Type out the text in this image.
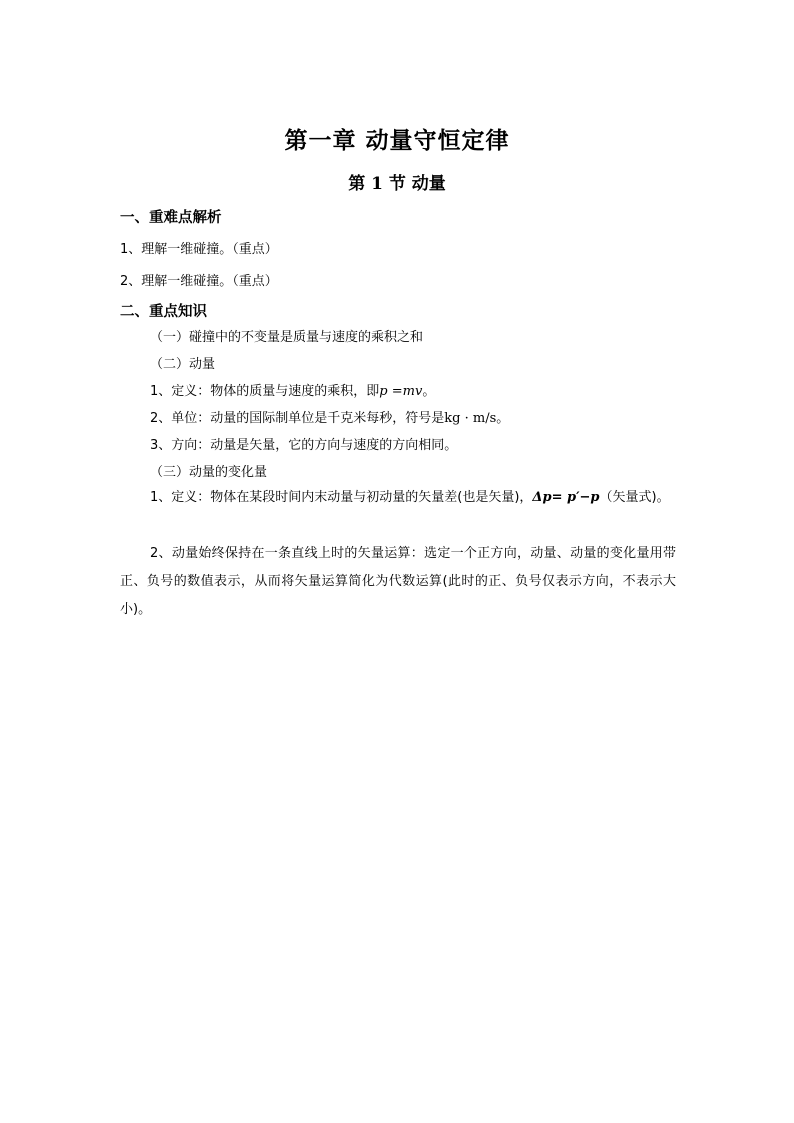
第一章 动量守恒定律
第 1 节 动量
一、重难点解析
1、理解一维碰撞。（重点）
2、理解一维碰撞。（重点）
二、重点知识
（一）碰撞中的不变量是质量与速度的乘积之和
（二）动量
1、定义：物体的质量与速度的乘积，即p =mv。
2、单位：动量的国际制单位是千克米每秒，符号是kg · m/s。
3、方向：动量是矢量，它的方向与速度的方向相同。
（三）动量的变化量
1、定义：物体在某段时间内末动量与初动量的矢量差(也是矢量)，Δp= p′−p（矢量式)。
2、动量始终保持在一条直线上时的矢量运算：选定一个正方向，动量、动量的变化量用带正、负号的数值表示，从而将矢量运算简化为代数运算(此时的正、负号仅表示方向，不表示大小)。
